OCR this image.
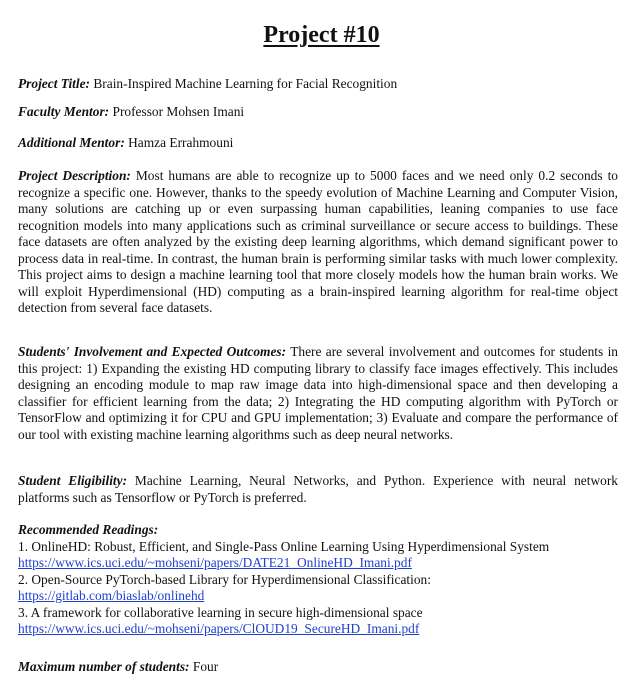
Project #10
Project Title: Brain-Inspired Machine Learning for Facial Recognition
Faculty Mentor: Professor Mohsen Imani
Additional Mentor: Hamza Errahmouni
Project Description: Most humans are able to recognize up to 5000 faces and we need only 0.2 seconds to recognize a specific one. However, thanks to the speedy evolution of Machine Learning and Computer Vision, many solutions are catching up or even surpassing human capabilities, leaning companies to use face recognition models into many applications such as criminal surveillance or secure access to buildings. These face datasets are often analyzed by the existing deep learning algorithms, which demand significant power to process data in real-time. In contrast, the human brain is performing similar tasks with much lower complexity. This project aims to design a machine learning tool that more closely models how the human brain works. We will exploit Hyperdimensional (HD) computing as a brain-inspired learning algorithm for real-time object detection from several face datasets.
Students' Involvement and Expected Outcomes: There are several involvement and outcomes for students in this project: 1) Expanding the existing HD computing library to classify face images effectively. This includes designing an encoding module to map raw image data into high-dimensional space and then developing a classifier for efficient learning from the data; 2) Integrating the HD computing algorithm with PyTorch or TensorFlow and optimizing it for CPU and GPU implementation; 3) Evaluate and compare the performance of our tool with existing machine learning algorithms such as deep neural networks.
Student Eligibility: Machine Learning, Neural Networks, and Python. Experience with neural network platforms such as Tensorflow or PyTorch is preferred.
Recommended Readings:
1. OnlineHD: Robust, Efficient, and Single-Pass Online Learning Using Hyperdimensional System
https://www.ics.uci.edu/~mohseni/papers/DATE21_OnlineHD_Imani.pdf
2. Open-Source PyTorch-based Library for Hyperdimensional Classification:
https://gitlab.com/biaslab/onlinehd
3. A framework for collaborative learning in secure high-dimensional space
https://www.ics.uci.edu/~mohseni/papers/ClOUD19_SecureHD_Imani.pdf
Maximum number of students: Four
